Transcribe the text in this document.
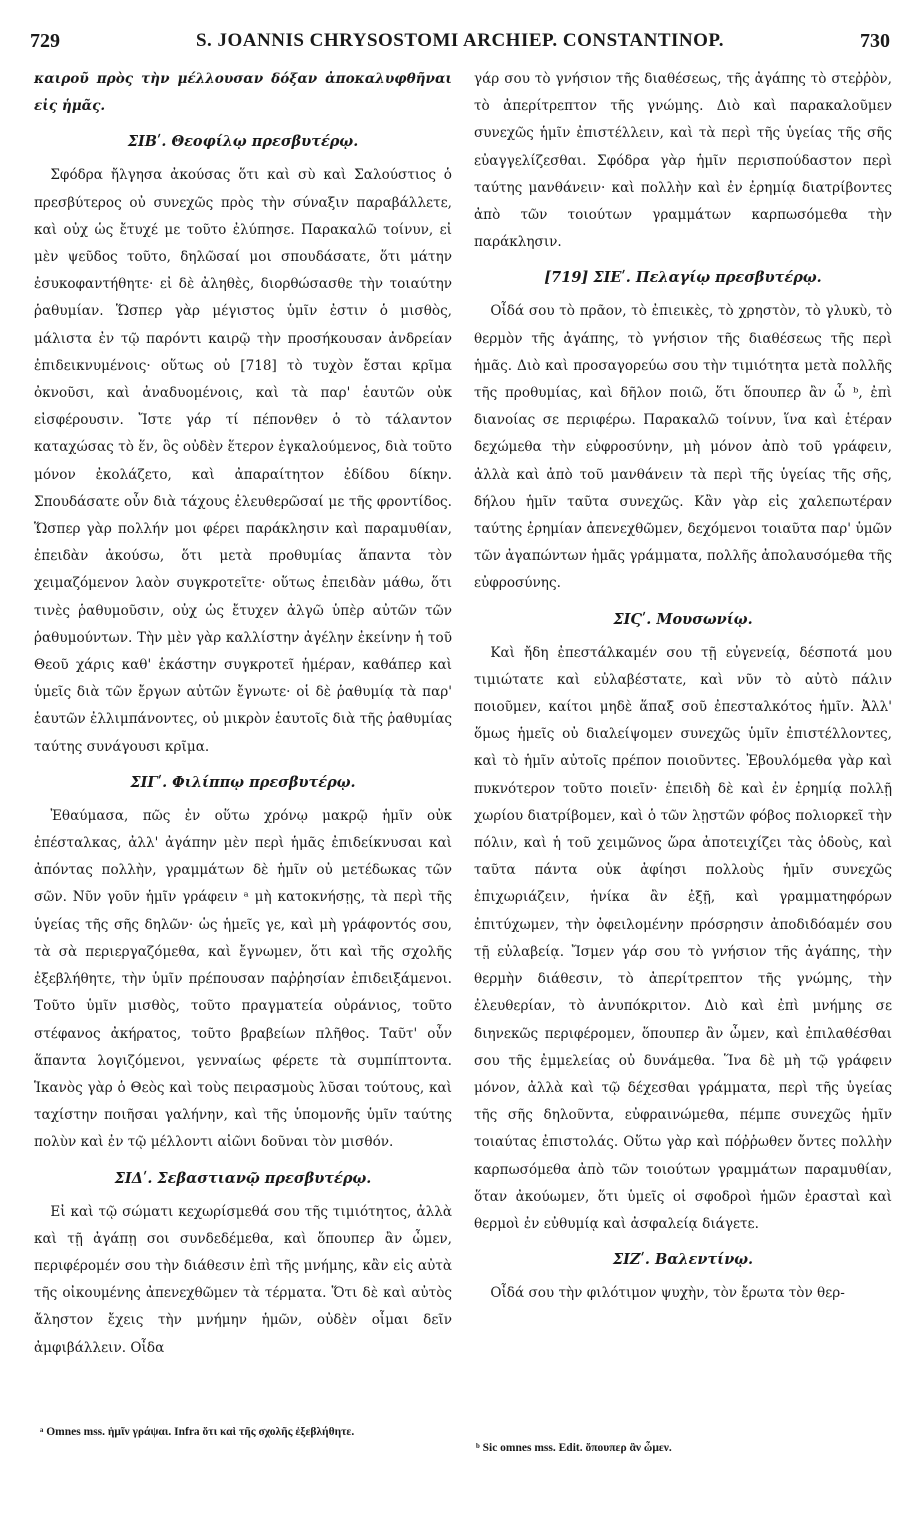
729	S. JOANNIS CHRYSOSTOMI ARCHIEP. CONSTANTINOP.	730

καιροῦ πρὸς τὴν μέλλουσαν δόξαν ἀποκαλυφθῆναι εἰς ἡμᾶς.

ΣΙΒʹ. Θεοφίλῳ πρεσβυτέρῳ.

Σφόδρα ἤλγησα ἀκούσας ὅτι καὶ σὺ καὶ Σαλούστιος ὁ πρεσβύτερος οὐ συνεχῶς πρὸς τὴν σύναξιν παραβάλλετε, καὶ οὐχ ὡς ἔτυχέ με τοῦτο ἐλύπησε. Παρακαλῶ τοίνυν, εἰ μὲν ψεῦδος τοῦτο, δηλῶσαί μοι σπουδάσατε, ὅτι μάτην ἐσυκοφαντήθητε· εἰ δὲ ἀληθὲς, διορθώσασθε τὴν τοιαύτην ῥαθυμίαν. Ὥσπερ γὰρ μέγιστος ὑμῖν ἐστιν ὁ μισθὸς, μάλιστα ἐν τῷ παρόντι καιρῷ τὴν προσήκουσαν ἀνδρείαν ἐπιδεικνυμένοις· οὕτως οὐ [718] τὸ τυχὸν ἔσται κρῖμα ὀκνοῦσι, καὶ ἀναδυομένοις, καὶ τὰ παρ' ἑαυτῶν οὐκ εἰσφέρουσιν. Ἴστε γάρ τί πέπονθεν ὁ τὸ τάλαντον καταχώσας τὸ ἕν, ὃς οὐδὲν ἕτερον ἐγκαλούμενος, διὰ τοῦτο μόνον ἐκολάζετο, καὶ ἀπαραίτητον ἐδίδου δίκην. Σπουδάσατε οὖν διὰ τάχους ἐλευθερῶσαί με τῆς φροντίδος. Ὥσπερ γὰρ πολλήν μοι φέρει παράκλησιν καὶ παραμυθίαν, ἐπειδὰν ἀκούσω, ὅτι μετὰ προθυμίας ἅπαντα τὸν χειμαζόμενον λαὸν συγκροτεῖτε· οὕτως ἐπειδὰν μάθω, ὅτι τινὲς ῥαθυμοῦσιν, οὐχ ὡς ἔτυχεν ἀλγῶ ὑπὲρ αὐτῶν τῶν ῥαθυμούντων. Τὴν μὲν γὰρ καλλίστην ἀγέλην ἐκείνην ἡ τοῦ Θεοῦ χάρις καθ' ἑκάστην συγκροτεῖ ἡμέραν, καθάπερ καὶ ὑμεῖς διὰ τῶν ἔργων αὐτῶν ἔγνωτε· οἱ δὲ ῥαθυμίᾳ τὰ παρ' ἑαυτῶν ἐλλιμπάνοντες, οὐ μικρὸν ἑαυτοῖς διὰ τῆς ῥαθυμίας ταύτης συνάγουσι κρῖμα.

ΣΙΓʹ. Φιλίππῳ πρεσβυτέρῳ.

Ἐθαύμασα, πῶς ἐν οὕτω χρόνῳ μακρῷ ἡμῖν οὐκ ἐπέσταλκας, ἀλλ' ἀγάπην μὲν περὶ ἡμᾶς ἐπιδείκνυσαι καὶ ἀπόντας πολλὴν, γραμμάτων δὲ ἡμῖν οὐ μετέδωκας τῶν σῶν. Νῦν γοῦν ἡμῖν γράφειν ᵃ μὴ κατοκνήσῃς, τὰ περὶ τῆς ὑγείας τῆς σῆς δηλῶν· ὡς ἡμεῖς γε, καὶ μὴ γράφοντός σου, τὰ σὰ περιεργαζόμεθα, καὶ ἔγνωμεν, ὅτι καὶ τῆς σχολῆς ἐξεβλήθητε, τὴν ὑμῖν πρέπουσαν παῤῥησίαν ἐπιδειξάμενοι. Τοῦτο ὑμῖν μισθὸς, τοῦτο πραγματεία οὐράνιος, τοῦτο στέφανος ἀκήρατος, τοῦτο βραβείων πλῆθος. Ταῦτ' οὖν ἅπαντα λογιζόμενοι, γενναίως φέρετε τὰ συμπίπτοντα. Ἱκανὸς γὰρ ὁ Θεὸς καὶ τοὺς πειρασμοὺς λῦσαι τούτους, καὶ ταχίστην ποιῆσαι γαλήνην, καὶ τῆς ὑπομονῆς ὑμῖν ταύτης πολὺν καὶ ἐν τῷ μέλλοντι αἰῶνι δοῦναι τὸν μισθόν.

ΣΙΔʹ. Σεβαστιανῷ πρεσβυτέρῳ.

Εἰ καὶ τῷ σώματι κεχωρίσμεθά σου τῆς τιμιότητος, ἀλλὰ καὶ τῇ ἀγάπῃ σοι συνδεδέμεθα, καὶ ὅπουπερ ἂν ὦμεν, περιφέρομέν σου τὴν διάθεσιν ἐπὶ τῆς μνήμης, κἂν εἰς αὐτὰ τῆς οἰκουμένης ἀπενεχθῶμεν τὰ τέρματα. Ὅτι δὲ καὶ αὐτὸς ἄληστον ἔχεις τὴν μνήμην ἡμῶν, οὐδὲν οἶμαι δεῖν ἀμφιβάλλειν. Οἶδα

γάρ σου τὸ γνήσιον τῆς διαθέσεως, τῆς ἀγάπης τὸ στεῤῥὸν, τὸ ἀπερίτρεπτον τῆς γνώμης. Διὸ καὶ παρακαλοῦμεν συνεχῶς ἡμῖν ἐπιστέλλειν, καὶ τὰ περὶ τῆς ὑγείας τῆς σῆς εὐαγγελίζεσθαι. Σφόδρα γὰρ ἡμῖν περισπούδαστον περὶ ταύτης μανθάνειν· καὶ πολλὴν καὶ ἐν ἐρημίᾳ διατρίβοντες ἀπὸ τῶν τοιούτων γραμμάτων καρπωσόμεθα τὴν παράκλησιν.

[719] ΣΙΕʹ. Πελαγίῳ πρεσβυτέρῳ.

Οἶδά σου τὸ πρᾶον, τὸ ἐπιεικὲς, τὸ χρηστὸν, τὸ γλυκὺ, τὸ θερμὸν τῆς ἀγάπης, τὸ γνήσιον τῆς διαθέσεως τῆς περὶ ἡμᾶς. Διὸ καὶ προσαγορεύω σου τὴν τιμιότητα μετὰ πολλῆς τῆς προθυμίας, καὶ δῆλον ποιῶ, ὅτι ὅπουπερ ἂν ὦ ᵇ, ἐπὶ διανοίας σε περιφέρω. Παρακαλῶ τοίνυν, ἵνα καὶ ἑτέραν δεχώμεθα τὴν εὐφροσύνην, μὴ μόνον ἀπὸ τοῦ γράφειν, ἀλλὰ καὶ ἀπὸ τοῦ μανθάνειν τὰ περὶ τῆς ὑγείας τῆς σῆς, δήλου ἡμῖν ταῦτα συνεχῶς. Κἂν γὰρ εἰς χαλεπωτέραν ταύτης ἐρημίαν ἀπενεχθῶμεν, δεχόμενοι τοιαῦτα παρ' ὑμῶν τῶν ἀγαπώντων ἡμᾶς γράμματα, πολλῆς ἀπολαυσόμεθα τῆς εὐφροσύνης.

ΣΙϚʹ. Μουσωνίῳ.

Καὶ ἤδη ἐπεστάλκαμέν σου τῇ εὐγενείᾳ, δέσποτά μου τιμιώτατε καὶ εὐλαβέστατε, καὶ νῦν τὸ αὐτὸ πάλιν ποιοῦμεν, καίτοι μηδὲ ἅπαξ σοῦ ἐπεσταλκότος ἡμῖν. Ἀλλ' ὅμως ἡμεῖς οὐ διαλείψομεν συνεχῶς ὑμῖν ἐπιστέλλοντες, καὶ τὸ ἡμῖν αὐτοῖς πρέπον ποιοῦντες. Ἐβουλόμεθα γὰρ καὶ πυκνότερον τοῦτο ποιεῖν· ἐπειδὴ δὲ καὶ ἐν ἐρημίᾳ πολλῇ χωρίου διατρίβομεν, καὶ ὁ τῶν λῃστῶν φόβος πολιορκεῖ τὴν πόλιν, καὶ ἡ τοῦ χειμῶνος ὥρα ἀποτειχίζει τὰς ὁδοὺς, καὶ ταῦτα πάντα οὐκ ἀφίησι πολλοὺς ἡμῖν συνεχῶς ἐπιχωριάζειν, ἡνίκα ἂν ἐξῇ, καὶ γραμματηφόρων ἐπιτύχωμεν, τὴν ὀφειλομένην πρόσρησιν ἀποδιδόαμέν σου τῇ εὐλαβείᾳ. Ἴσμεν γάρ σου τὸ γνήσιον τῆς ἀγάπης, τὴν θερμὴν διάθεσιν, τὸ ἀπερίτρεπτον τῆς γνώμης, τὴν ἐλευθερίαν, τὸ ἀνυπόκριτον. Διὸ καὶ ἐπὶ μνήμης σε διηνεκῶς περιφέρομεν, ὅπουπερ ἂν ὦμεν, καὶ ἐπιλαθέσθαι σου τῆς ἐμμελείας οὐ δυνάμεθα. Ἵνα δὲ μὴ τῷ γράφειν μόνον, ἀλλὰ καὶ τῷ δέχεσθαι γράμματα, περὶ τῆς ὑγείας τῆς σῆς δηλοῦντα, εὐφραινώμεθα, πέμπε συνεχῶς ἡμῖν τοιαύτας ἐπιστολάς. Οὕτω γὰρ καὶ πόῤῥωθεν ὄντες πολλὴν καρπωσόμεθα ἀπὸ τῶν τοιούτων γραμμάτων παραμυθίαν, ὅταν ἀκούωμεν, ὅτι ὑμεῖς οἱ σφοδροὶ ἡμῶν ἐρασταὶ καὶ θερμοὶ ἐν εὐθυμίᾳ καὶ ἀσφαλείᾳ διάγετε.

ΣΙΖʹ. Βαλεντίνῳ.

Οἶδά σου τὴν φιλότιμον ψυχὴν, τὸν ἔρωτα τὸν θερ-

ᵃ Omnes mss. ἡμῖν γράψαι. Infra ὅτι καὶ τῆς σχολῆς ἐξεβλήθητε.
ᵇ Sic omnes mss. Edit. ὅπουπερ ἂν ὦμεν.
